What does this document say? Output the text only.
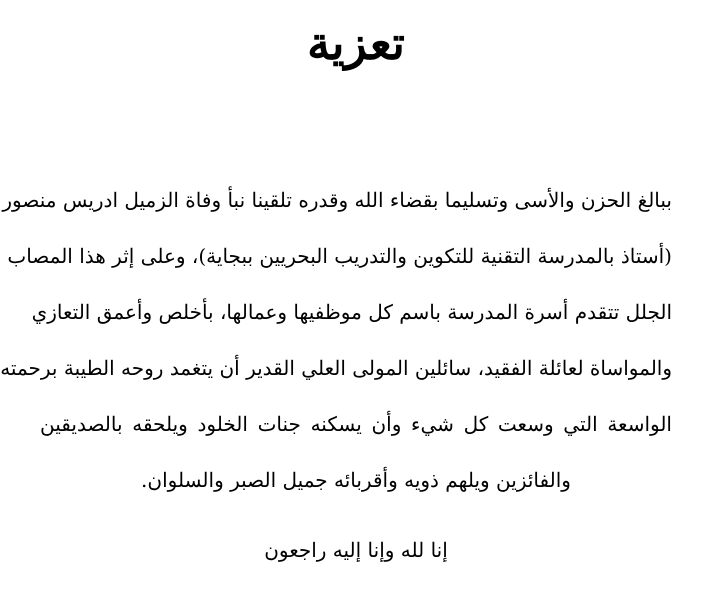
تعزية
ببالغ الحزن والأسى وتسليما بقضاء الله وقدره تلقينا نبأ وفاة الزميل ادريس منصور
(أستاذ بالمدرسة التقنية للتكوين والتدريب البحريين ببجاية)، وعلى إثر هذا المصاب
الجلل تتقدم أسرة المدرسة باسم كل موظفيها وعمالها، بأخلص وأعمق التعازي
والمواساة لعائلة الفقيد، سائلين المولى العلي القدير أن يتغمد روحه الطيبة برحمته
الواسعة التي وسعت كل شيء وأن يسكنه جنات الخلود ويلحقه بالصديقين
والفائزين ويلهم ذويه وأقربائه جميل الصبر والسلوان.
إنا لله وإنا إليه راجعون
